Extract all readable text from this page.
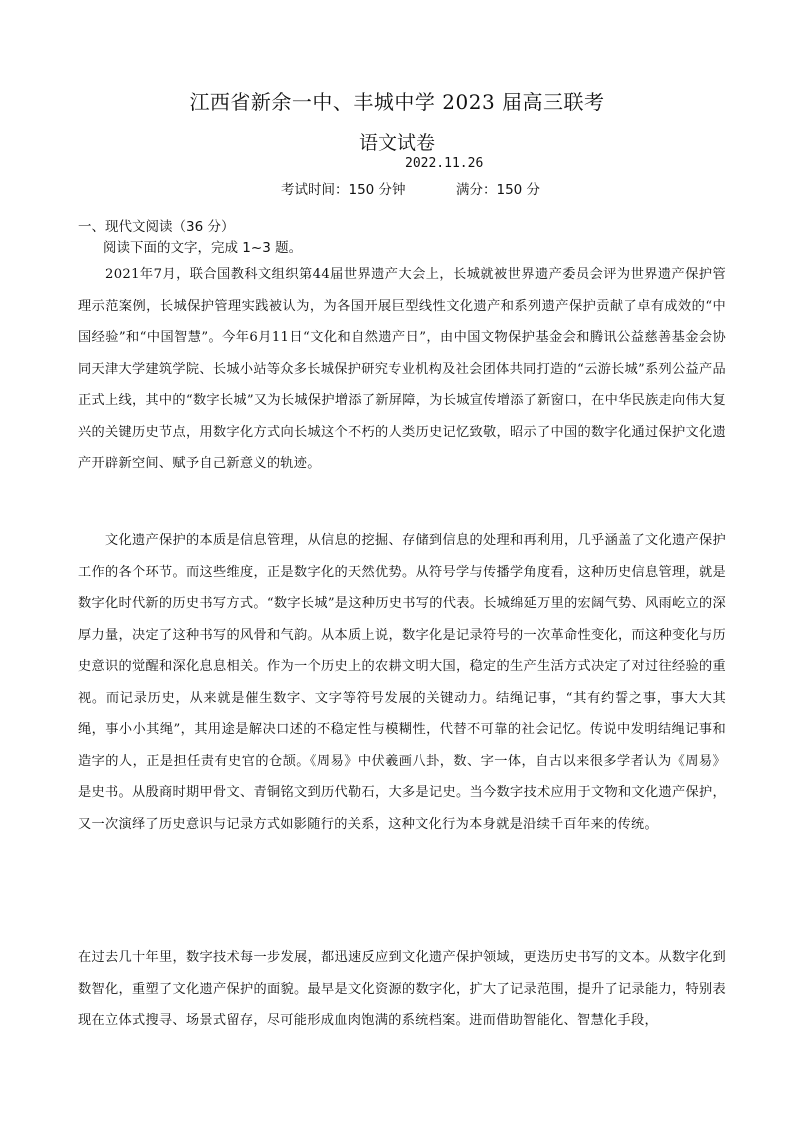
江西省新余一中、丰城中学 2023 届高三联考
语文试卷
2022.11.26
考试时间：150 分钟	满分：150 分
一、现代文阅读（36 分）
阅读下面的文字，完成 1~3 题。

2021年7月，联合国教科文组织第44届世界遗产大会上，长城就被世界遗产委员会评为世界遗产保护管理示范案例，长城保护管理实践被认为，为各国开展巨型线性文化遗产和系列遗产保护贡献了卓有成效的“中国经验”和“中国智慧”。今年6月11日“文化和自然遗产日”，由中国文物保护基金会和腾讯公益慈善基金会协同天津大学建筑学院、长城小站等众多长城保护研究专业机构及社会团体共同打造的“云游长城”系列公益产品正式上线，其中的“数字长城”又为长城保护增添了新屏障，为长城宣传增添了新窗口，在中华民族走向伟大复兴的关键历史节点，用数字化方式向长城这个不朽的人类历史记忆致敬，昭示了中国的数字化通过保护文化遗产开辟新空间、赋予自己新意义的轨迹。

文化遗产保护的本质是信息管理，从信息的挖掘、存储到信息的处理和再利用，几乎涵盖了文化遗产保护工作的各个环节。而这些维度，正是数字化的天然优势。从符号学与传播学角度看，这种历史信息管理，就是数字化时代新的历史书写方式。“数字长城”是这种历史书写的代表。长城绵延万里的宏阔气势、风雨屹立的深厚力量，决定了这种书写的风骨和气韵。从本质上说，数字化是记录符号的一次革命性变化，而这种变化与历史意识的觉醒和深化息息相关。作为一个历史上的农耕文明大国，稳定的生产生活方式决定了对过往经验的重视。而记录历史，从来就是催生数字、文字等符号发展的关键动力。结绳记事，“其有约誓之事，事大大其绳，事小小其绳”，其用途是解决口述的不稳定性与模糊性，代替不可靠的社会记忆。传说中发明结绳记事和造字的人，正是担任责有史官的仓颉。《周易》中伏羲画八卦，数、字一体，自古以来很多学者认为《周易》是史书。从殷商时期甲骨文、青铜铭文到历代勒石，大多是记史。当今数字技术应用于文物和文化遗产保护，又一次演绎了历史意识与记录方式如影随行的关系，这种文化行为本身就是沿续千百年来的传统。

在过去几十年里，数字技术每一步发展，都迅速反应到文化遗产保护领域，更迭历史书写的文本。从数字化到数智化，重塑了文化遗产保护的面貌。最早是文化资源的数字化，扩大了记录范围，提升了记录能力，特别表现在立体式搜寻、场景式留存，尽可能形成血肉饱满的系统档案。进而借助智能化、智慧化手段，
